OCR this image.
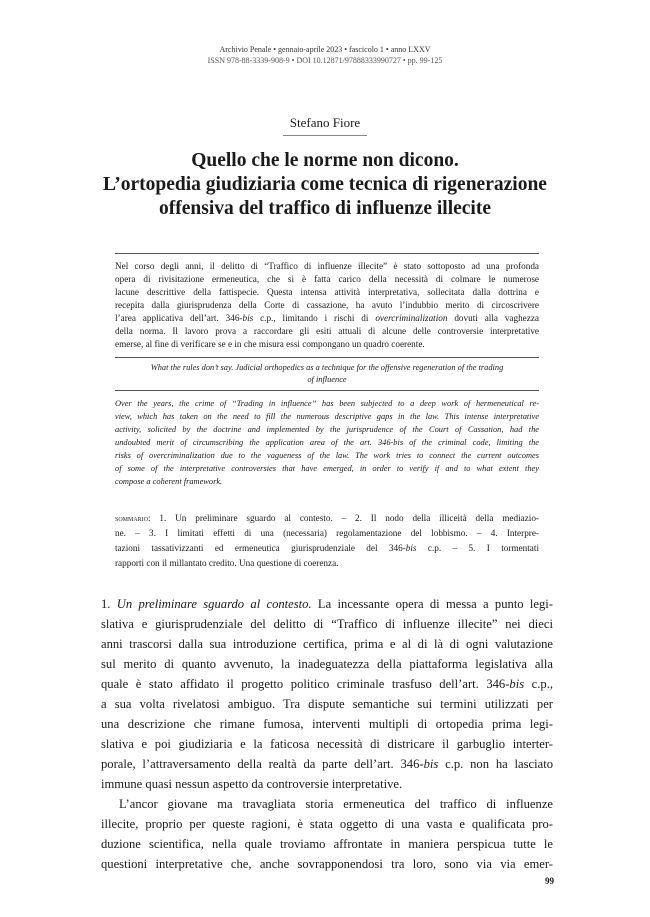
Archivio Penale • gennaio-aprile 2023 • fascicolo 1 • anno LXXV
ISSN 978-88-3339-908-9 • DOI 10.12871/97888333990727 • pp. 99-125
Stefano Fiore
Quello che le norme non dicono.
L’ortopedia giudiziaria come tecnica di rigenerazione
offensiva del traffico di influenze illecite
Nel corso degli anni, il delitto di “Traffico di influenze illecite” è stato sottoposto ad una profonda
opera di rivisitazione ermeneutica, che si è fatta carico della necessità di colmare le numerose
lacune descrittive della fattispecie. Questa intensa attività interpretativa, sollecitata dalla dottrina e
recepita dalla giurisprudenza della Corte di cassazione, ha avuto l’indubbio merito di circoscrivere
l’area applicativa dell’art. 346-bis c.p., limitando i rischi di overcriminalization dovuti alla vaghezza
della norma. Il lavoro prova a raccordare gli esiti attuali di alcune delle controversie interpretative
emerse, al fine di verificare se e in che misura essi compongano un quadro coerente.
What the rules don’t say. Judicial orthopedics as a technique for the offensive regeneration of the trading
of influence
Over the years, the crime of “Trading in influence” has been subjected to a deep work of hermeneutical re-
view, which has taken on the need to fill the numerous descriptive gaps in the law. This intense interpretative
activity, solicited by the doctrine and implemented by the jurisprudence of the Court of Cassation, had the
undoubted merit of circumscribing the application area of the art. 346-bis of the criminal code, limiting the
risks of overcriminalization due to the vagueness of the law. The work tries to connect the current outcomes
of some of the interpretative controversies that have emerged, in order to verify if and to what extent they
compose a coherent framework.
sommario: 1. Un preliminare sguardo al contesto. – 2. Il nodo della illiceità della mediazio-
ne. – 3. I limitati effetti di una (necessaria) regolamentazione del lobbismo. – 4. Interpre-
tazioni tassativizzanti ed ermeneutica giurisprudenziale del 346-bis c.p. – 5. I tormentati
rapporti con il millantato credito. Una questione di coerenza.
1. Un preliminare sguardo al contesto. La incessante opera di messa a punto legi-
slativa e giurisprudenziale del delitto di “Traffico di influenze illecite” nei dieci
anni trascorsi dalla sua introduzione certifica, prima e al di là di ogni valutazione
sul merito di quanto avvenuto, la inadeguatezza della piattaforma legislativa alla
quale è stato affidato il progetto politico criminale trasfuso dell’art. 346-bis c.p.,
a sua volta rivelatosi ambiguo. Tra dispute semantiche sui termini utilizzati per
una descrizione che rimane fumosa, interventi multipli di ortopedia prima legi-
slativa e poi giudiziaria e la faticosa necessità di districare il garbuglio interter-
porale, l’attraversamento della realtà da parte dell’art. 346-bis c.p. non ha lasciato
immune quasi nessun aspetto da controversie interpretative.
L’ancor giovane ma travagliata storia ermeneutica del traffico di influenze
illecite, proprio per queste ragioni, è stata oggetto di una vasta e qualificata pro-
duzione scientifica, nella quale troviamo affrontate in maniera perspicua tutte le
questioni interpretative che, anche sovrapponendosi tra loro, sono via via emer-
99
